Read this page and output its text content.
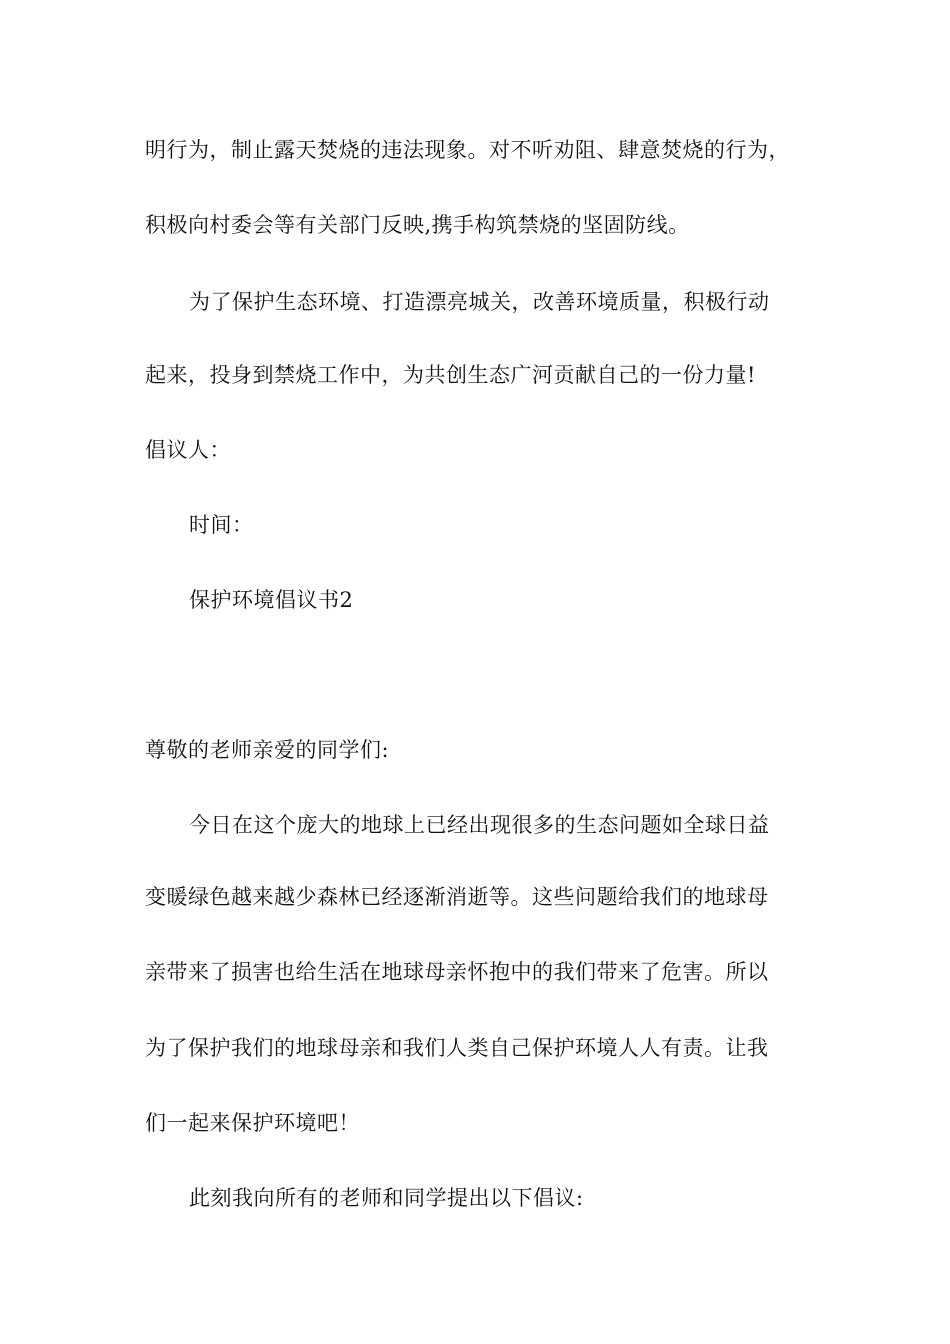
明行为，制止露天焚烧的违法现象。对不听劝阻、肆意焚烧的行为，
积极向村委会等有关部门反映,携手构筑禁烧的坚固防线。
为了保护生态环境、打造漂亮城关，改善环境质量，积极行动
起来，投身到禁烧工作中，为共创生态广河贡献自己的一份力量!
倡议人：
时间：
保护环境倡议书2
尊敬的老师亲爱的同学们:
今日在这个庞大的地球上已经出现很多的生态问题如全球日益
变暖绿色越来越少森林已经逐渐消逝等。这些问题给我们的地球母
亲带来了损害也给生活在地球母亲怀抱中的我们带来了危害。所以
为了保护我们的地球母亲和我们人类自己保护环境人人有责。让我
们一起来保护环境吧！
此刻我向所有的老师和同学提出以下倡议:
